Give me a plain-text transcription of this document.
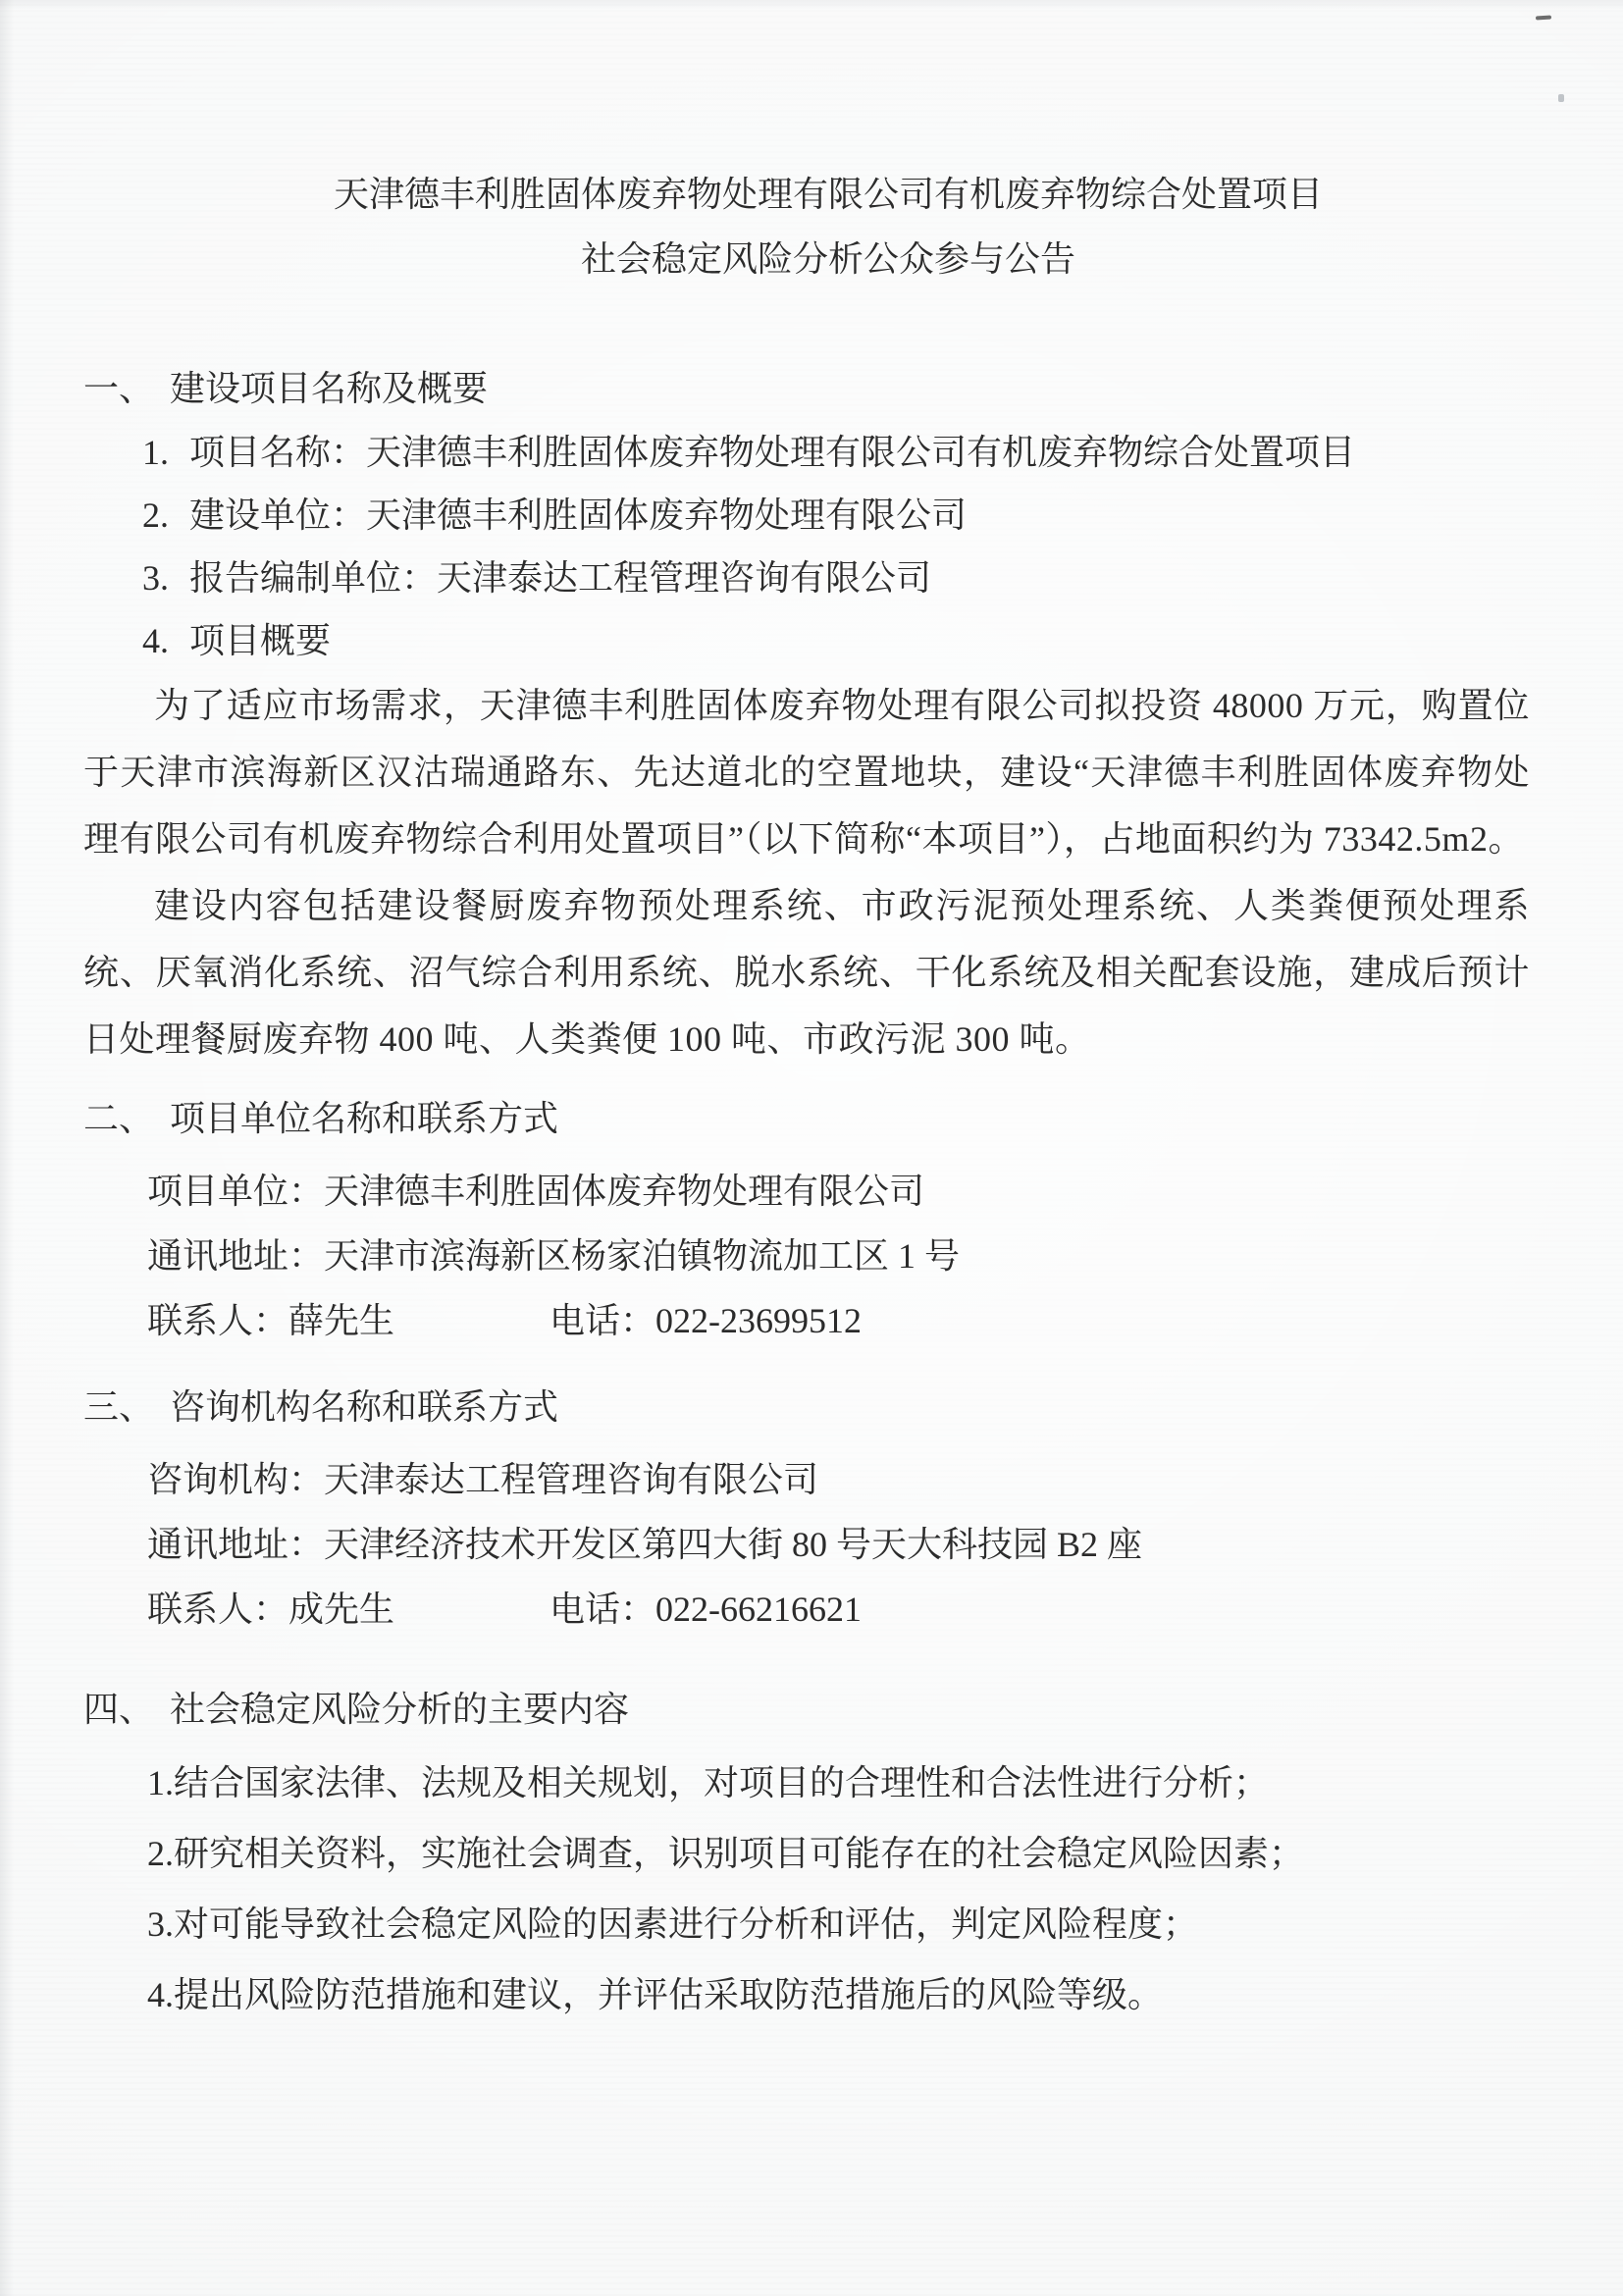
天津德丰利胜固体废弃物处理有限公司有机废弃物综合处置项目
社会稳定风险分析公众参与公告
一、 建设项目名称及概要
1. 项目名称：天津德丰利胜固体废弃物处理有限公司有机废弃物综合处置项目
2. 建设单位：天津德丰利胜固体废弃物处理有限公司
3. 报告编制单位：天津泰达工程管理咨询有限公司
4. 项目概要
为了适应市场需求，天津德丰利胜固体废弃物处理有限公司拟投资 48000 万元，购置位于天津市滨海新区汉沽瑞通路东、先达道北的空置地块，建设“天津德丰利胜固体废弃物处理有限公司有机废弃物综合利用处置项目”（以下简称“本项目”），占地面积约为 73342.5m2。
建设内容包括建设餐厨废弃物预处理系统、市政污泥预处理系统、人类粪便预处理系统、厌氧消化系统、沼气综合利用系统、脱水系统、干化系统及相关配套设施，建成后预计日处理餐厨废弃物 400 吨、人类粪便 100 吨、市政污泥 300 吨。
二、 项目单位名称和联系方式
项目单位：天津德丰利胜固体废弃物处理有限公司
通讯地址：天津市滨海新区杨家泊镇物流加工区 1 号
联系人：薛先生	电话：022-23699512
三、 咨询机构名称和联系方式
咨询机构：天津泰达工程管理咨询有限公司
通讯地址：天津经济技术开发区第四大街 80 号天大科技园 B2 座
联系人：成先生	电话：022-66216621
四、 社会稳定风险分析的主要内容
1.结合国家法律、法规及相关规划，对项目的合理性和合法性进行分析；
2.研究相关资料，实施社会调查，识别项目可能存在的社会稳定风险因素；
3.对可能导致社会稳定风险的因素进行分析和评估，判定风险程度；
4.提出风险防范措施和建议，并评估采取防范措施后的风险等级。
